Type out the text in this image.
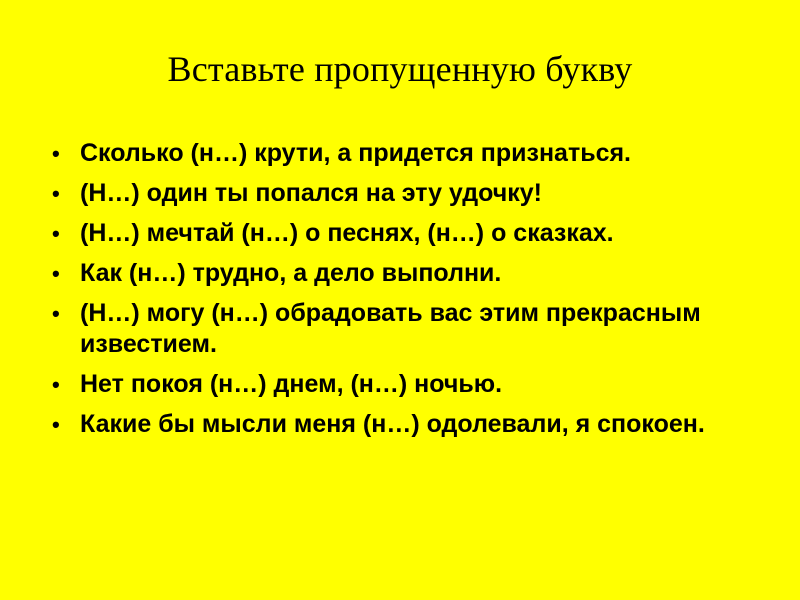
Вставьте пропущенную букву
• Сколько (н…) крути, а придется признаться.
• (Н…) один ты попался на эту удочку!
• (Н…) мечтай (н…) о песнях, (н…) о сказках.
• Как (н…) трудно, а дело выполни.
• (Н…) могу (н…) обрадовать вас этим прекрасным известием.
• Нет покоя (н…) днем, (н…) ночью.
• Какие бы мысли меня (н…) одолевали, я спокоен.
